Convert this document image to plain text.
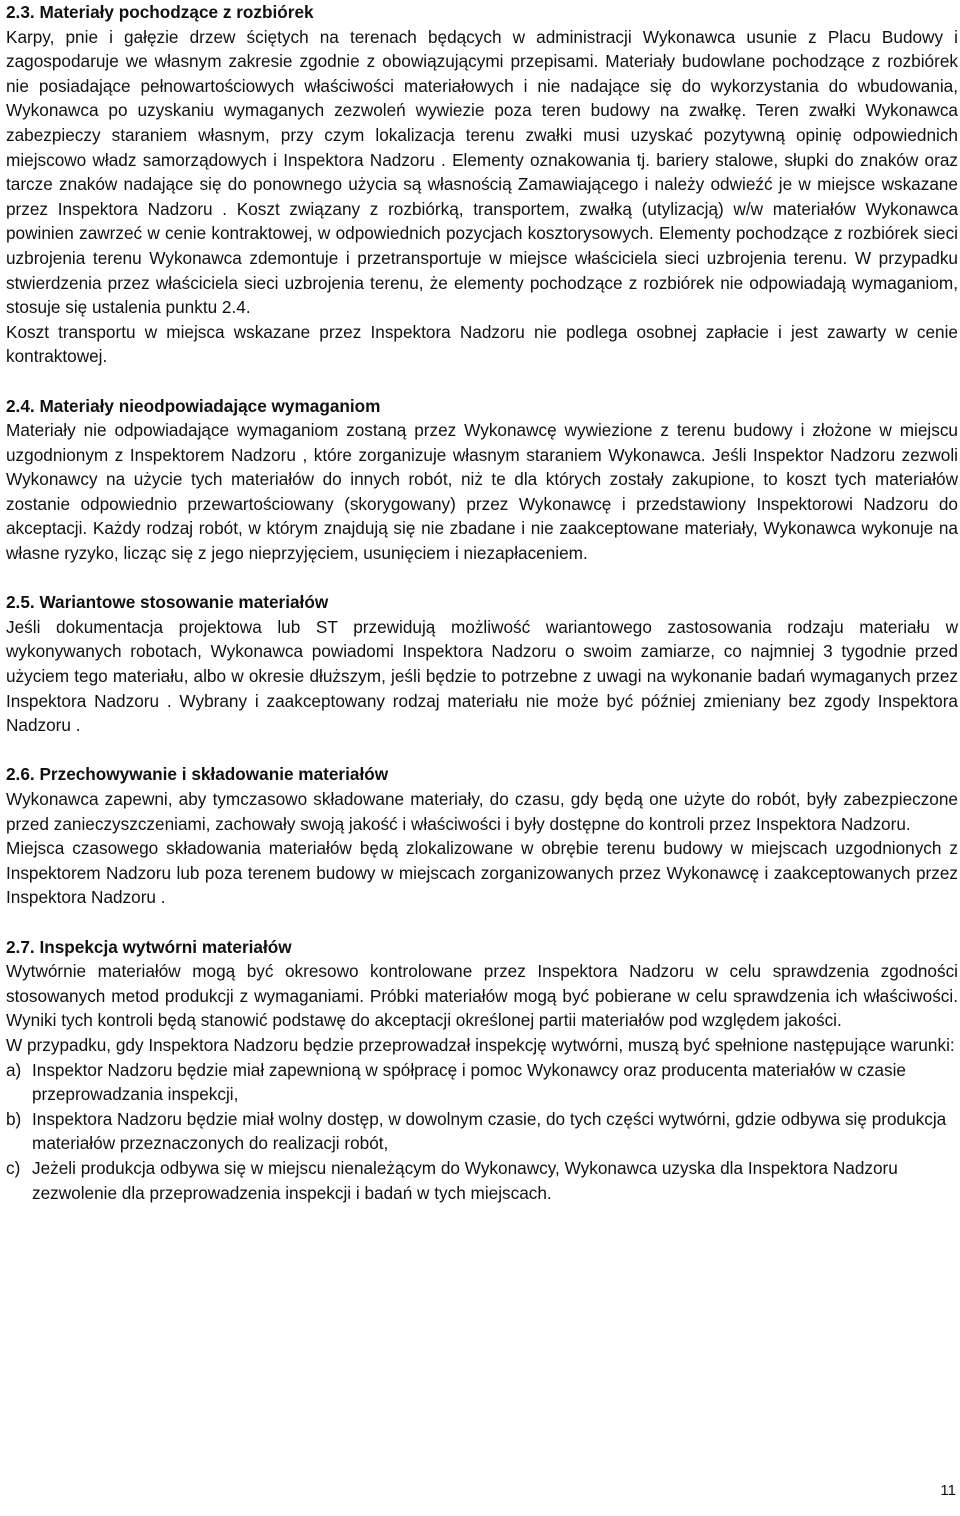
2.3. Materiały pochodzące z rozbiórek

Karpy, pnie i gałęzie drzew ściętych na terenach będących w administracji Wykonawca usunie z Placu Budowy i zagospodaruje we własnym zakresie zgodnie z obowiązującymi przepisami. Materiały budowlane pochodzące z rozbiórek nie posiadające pełnowartościowych właściwości materiałowych i nie nadające się do wykorzystania do wbudowania, Wykonawca po uzyskaniu wymaganych zezwoleń wywiezie poza teren budowy na zwałkę. Teren zwałki Wykonawca zabezpieczy staraniem własnym, przy czym lokalizacja terenu zwałki musi uzyskać pozytywną opinię odpowiednich miejscowo władz samorządowych i Inspektora Nadzoru . Elementy oznakowania tj. bariery stalowe, słupki do znaków oraz tarcze znaków nadające się do ponownego użycia są własnością Zamawiającego i należy odwieźć je w miejsce wskazane przez Inspektora Nadzoru . Koszt związany z rozbiórką, transportem, zwałką (utylizacją) w/w materiałów Wykonawca powinien zawrzeć w cenie kontraktowej, w odpowiednich pozycjach kosztorysowych. Elementy pochodzące z rozbiórek sieci uzbrojenia terenu Wykonawca zdemontuje i przetransportuje w miejsce właściciela sieci uzbrojenia terenu. W przypadku stwierdzenia przez właściciela sieci uzbrojenia terenu, że elementy pochodzące z rozbiórek nie odpowiadają wymaganiom, stosuje się ustalenia punktu 2.4.

Koszt transportu w miejsca wskazane przez Inspektora Nadzoru nie podlega osobnej zapłacie i jest zawarty w cenie kontraktowej.

2.4. Materiały nieodpowiadające wymaganiom

Materiały nie odpowiadające wymaganiom zostaną przez Wykonawcę wywiezione z terenu budowy i złożone w miejscu uzgodnionym z Inspektorem Nadzoru , które zorganizuje własnym staraniem Wykonawca. Jeśli Inspektor Nadzoru zezwoli Wykonawcy na użycie tych materiałów do innych robót, niż te dla których zostały zakupione, to koszt tych materiałów zostanie odpowiednio przewartościowany (skorygowany) przez Wykonawcę i przedstawiony Inspektorowi Nadzoru do akceptacji. Każdy rodzaj robót, w którym znajdują się nie zbadane i nie zaakceptowane materiały, Wykonawca wykonuje na własne ryzyko, licząc się z jego nieprzyjęciem, usunięciem i niezapłaceniem.

2.5. Wariantowe stosowanie materiałów

Jeśli dokumentacja projektowa lub ST przewidują możliwość wariantowego zastosowania rodzaju materiału w wykonywanych robotach, Wykonawca powiadomi Inspektora Nadzoru o swoim zamiarze, co najmniej 3 tygodnie przed użyciem tego materiału, albo w okresie dłuższym, jeśli będzie to potrzebne z uwagi na wykonanie badań wymaganych przez Inspektora Nadzoru . Wybrany i zaakceptowany rodzaj materiału nie może być później zmieniany bez zgody Inspektora Nadzoru .

2.6. Przechowywanie i składowanie materiałów

Wykonawca zapewni, aby tymczasowo składowane materiały, do czasu, gdy będą one użyte do robót, były zabezpieczone przed zanieczyszczeniami, zachowały swoją jakość i właściwości i były dostępne do kontroli przez Inspektora Nadzoru.

Miejsca czasowego składowania materiałów będą zlokalizowane w obrębie terenu budowy w miejscach uzgodnionych z Inspektorem Nadzoru lub poza terenem budowy w miejscach zorganizowanych przez Wykonawcę i zaakceptowanych przez Inspektora Nadzoru .

2.7. Inspekcja wytwórni materiałów

Wytwórnie materiałów mogą być okresowo kontrolowane przez Inspektora Nadzoru w celu sprawdzenia zgodności stosowanych metod produkcji z wymaganiami. Próbki materiałów mogą być pobierane w celu sprawdzenia ich właściwości. Wyniki tych kontroli będą stanowić podstawę do akceptacji określonej partii materiałów pod względem jakości.

W przypadku, gdy Inspektora Nadzoru będzie przeprowadzał inspekcję wytwórni, muszą być spełnione następujące warunki:

a) Inspektor Nadzoru będzie miał zapewnioną w spółpracę i pomoc Wykonawcy oraz producenta materiałów w czasie przeprowadzania inspekcji,
b) Inspektora Nadzoru będzie miał wolny dostęp, w dowolnym czasie, do tych części wytwórni, gdzie odbywa się produkcja materiałów przeznaczonych do realizacji robót,
c) Jeżeli produkcja odbywa się w miejscu nienależącym do Wykonawcy, Wykonawca uzyska dla Inspektora Nadzoru zezwolenie dla przeprowadzenia inspekcji i badań w tych miejscach.
11
